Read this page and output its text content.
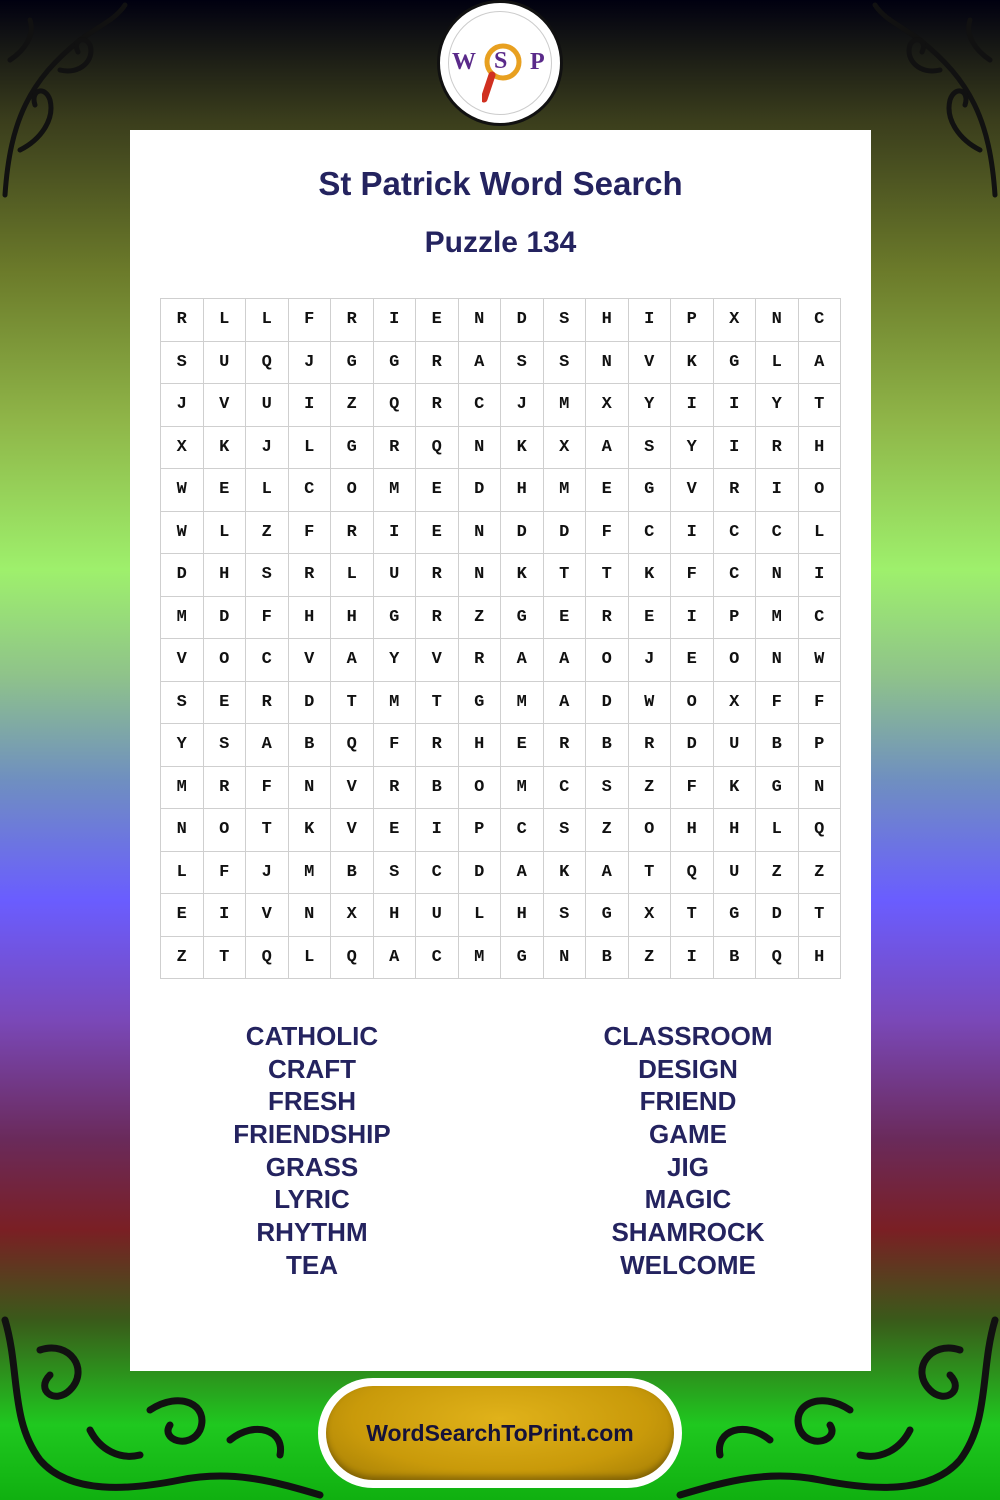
W S P
St Patrick Word Search
Puzzle 134
R	L	L	F	R	I	E	N	D	S	H	I	P	X	N	C
S	U	Q	J	G	G	R	A	S	S	N	V	K	G	L	A
J	V	U	I	Z	Q	R	C	J	M	X	Y	I	I	Y	T
X	K	J	L	G	R	Q	N	K	X	A	S	Y	I	R	H
W	E	L	C	O	M	E	D	H	M	E	G	V	R	I	O
W	L	Z	F	R	I	E	N	D	D	F	C	I	C	C	L
D	H	S	R	L	U	R	N	K	T	T	K	F	C	N	I
M	D	F	H	H	G	R	Z	G	E	R	E	I	P	M	C
V	O	C	V	A	Y	V	R	A	A	O	J	E	O	N	W
S	E	R	D	T	M	T	G	M	A	D	W	O	X	F	F
Y	S	A	B	Q	F	R	H	E	R	B	R	D	U	B	P
M	R	F	N	V	R	B	O	M	C	S	Z	F	K	G	N
N	O	T	K	V	E	I	P	C	S	Z	O	H	H	L	Q
L	F	J	M	B	S	C	D	A	K	A	T	Q	U	Z	Z
E	I	V	N	X	H	U	L	H	S	G	X	T	G	D	T
Z	T	Q	L	Q	A	C	M	G	N	B	Z	I	B	Q	H
CATHOLIC
CRAFT
FRESH
FRIENDSHIP
GRASS
LYRIC
RHYTHM
TEA
CLASSROOM
DESIGN
FRIEND
GAME
JIG
MAGIC
SHAMROCK
WELCOME
WordSearchToPrint.com
